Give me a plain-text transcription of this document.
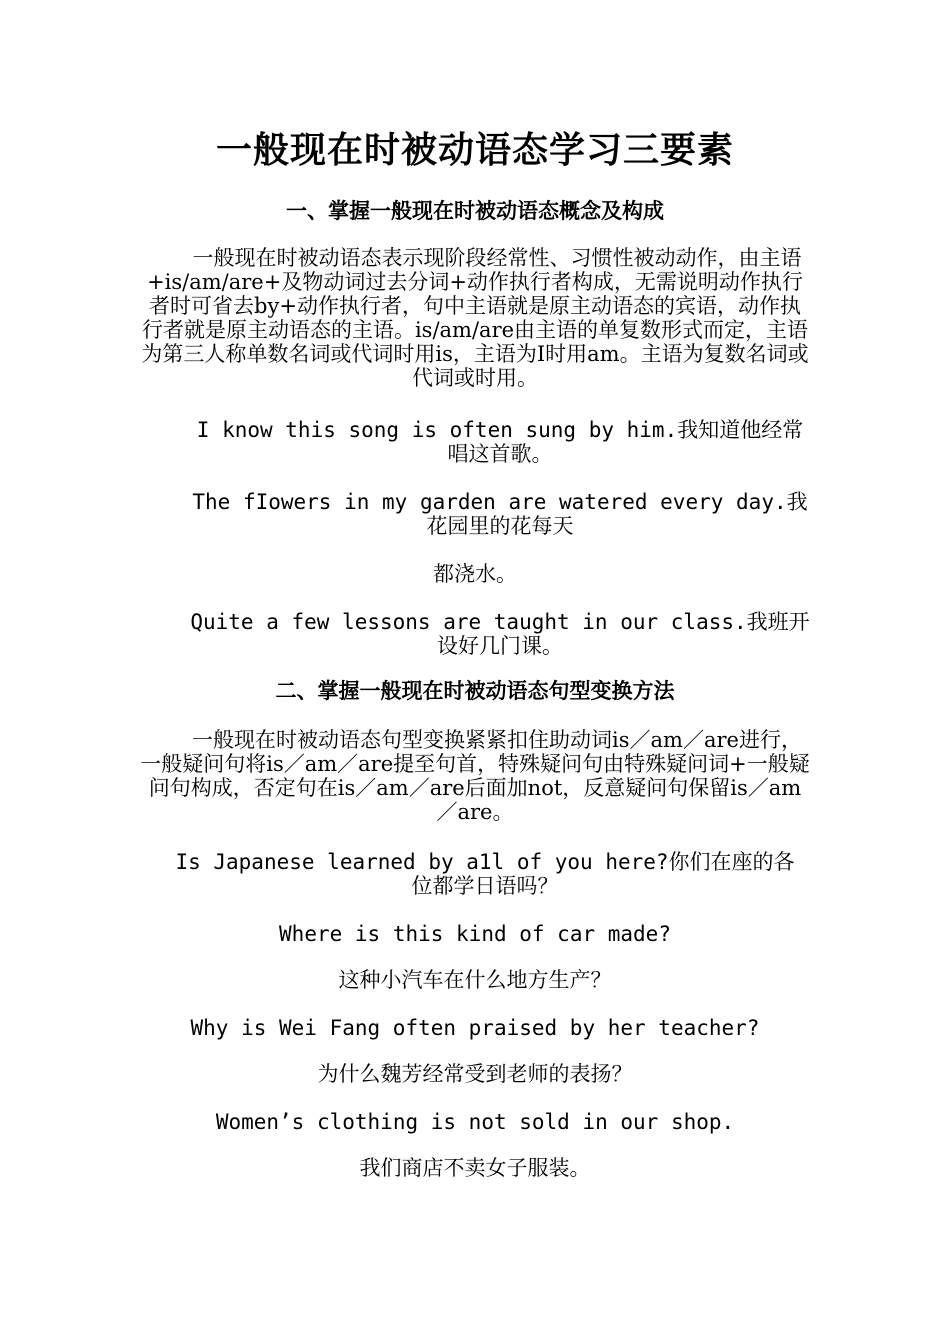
一般现在时被动语态学习三要素
一、掌握一般现在时被动语态概念及构成

一般现在时被动语态表示现阶段经常性、习惯性被动动作，由主语+is/am/are+及物动词过去分词+动作执行者构成，无需说明动作执行者时可省去by+动作执行者，句中主语就是原主动语态的宾语，动作执行者就是原主动语态的主语。is/am/are由主语的单复数形式而定，主语为第三人称单数名词或代词时用is，主语为I时用am。主语为复数名词或代词或时用。

I know this song is often sung by him.我知道他经常唱这首歌。

The fIowers in my garden are watered every day.我花园里的花每天

都浇水。

Quite a few lessons are taught in our class.我班开设好几门课。

二、掌握一般现在时被动语态句型变换方法

一般现在时被动语态句型变换紧紧扣住助动词is／am／are进行，一般疑问句将is／am／are提至句首，特殊疑问句由特殊疑问词+一般疑问句构成，否定句在is／am／are后面加not，反意疑问句保留is／am／are。

Is Japanese learned by a1l of you here?你们在座的各位都学日语吗？

Where is this kind of car made?

这种小汽车在什么地方生产？

Why is Wei Fang often praised by her teacher?

为什么魏芳经常受到老师的表扬？

Women’s clothing is not sold in our shop.

我们商店不卖女子服装。
